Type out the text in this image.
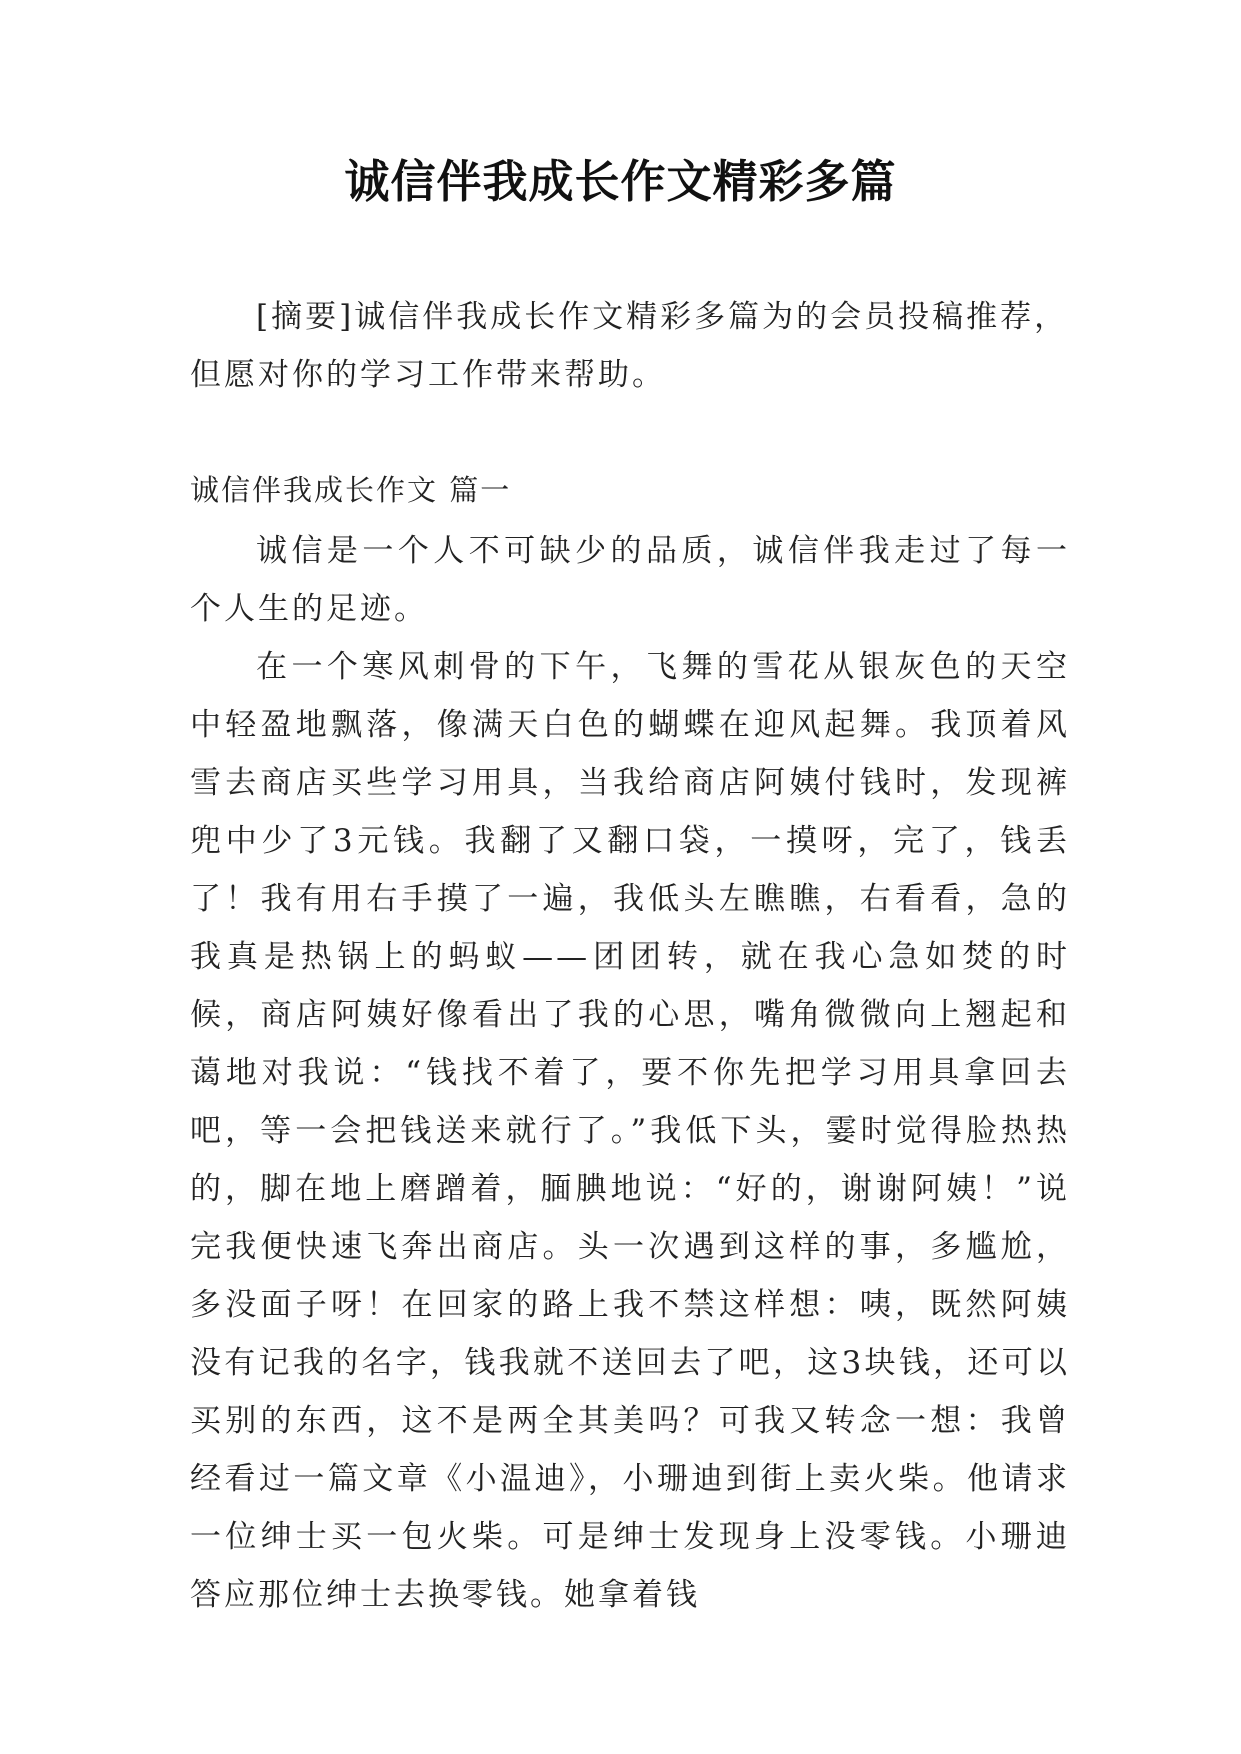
诚信伴我成长作文精彩多篇
[摘要]诚信伴我成长作文精彩多篇为的会员投稿推荐，但愿对你的学习工作带来帮助。
诚信伴我成长作文 篇一

诚信是一个人不可缺少的品质，诚信伴我走过了每一个人生的足迹。

在一个寒风刺骨的下午，飞舞的雪花从银灰色的天空中轻盈地飘落，像满天白色的蝴蝶在迎风起舞。我顶着风雪去商店买些学习用具，当我给商店阿姨付钱时，发现裤兜中少了3元钱。我翻了又翻口袋，一摸呀，完了，钱丢了！我有用右手摸了一遍，我低头左瞧瞧，右看看，急的我真是热锅上的蚂蚁——团团转，就在我心急如焚的时候，商店阿姨好像看出了我的心思，嘴角微微向上翘起和蔼地对我说：“钱找不着了，要不你先把学习用具拿回去吧，等一会把钱送来就行了。”我低下头，霎时觉得脸热热的，脚在地上磨蹭着，腼腆地说：“好的，谢谢阿姨！”说完我便快速飞奔出商店。头一次遇到这样的事，多尴尬，多没面子呀！在回家的路上我不禁这样想：咦，既然阿姨没有记我的名字，钱我就不送回去了吧，这3块钱，还可以买别的东西，这不是两全其美吗？可我又转念一想：我曾经看过一篇文章《小温迪》，小珊迪到街上卖火柴。他请求一位绅士买一包火柴。可是绅士发现身上没零钱。小珊迪答应那位绅士去换零钱。她拿着钱
